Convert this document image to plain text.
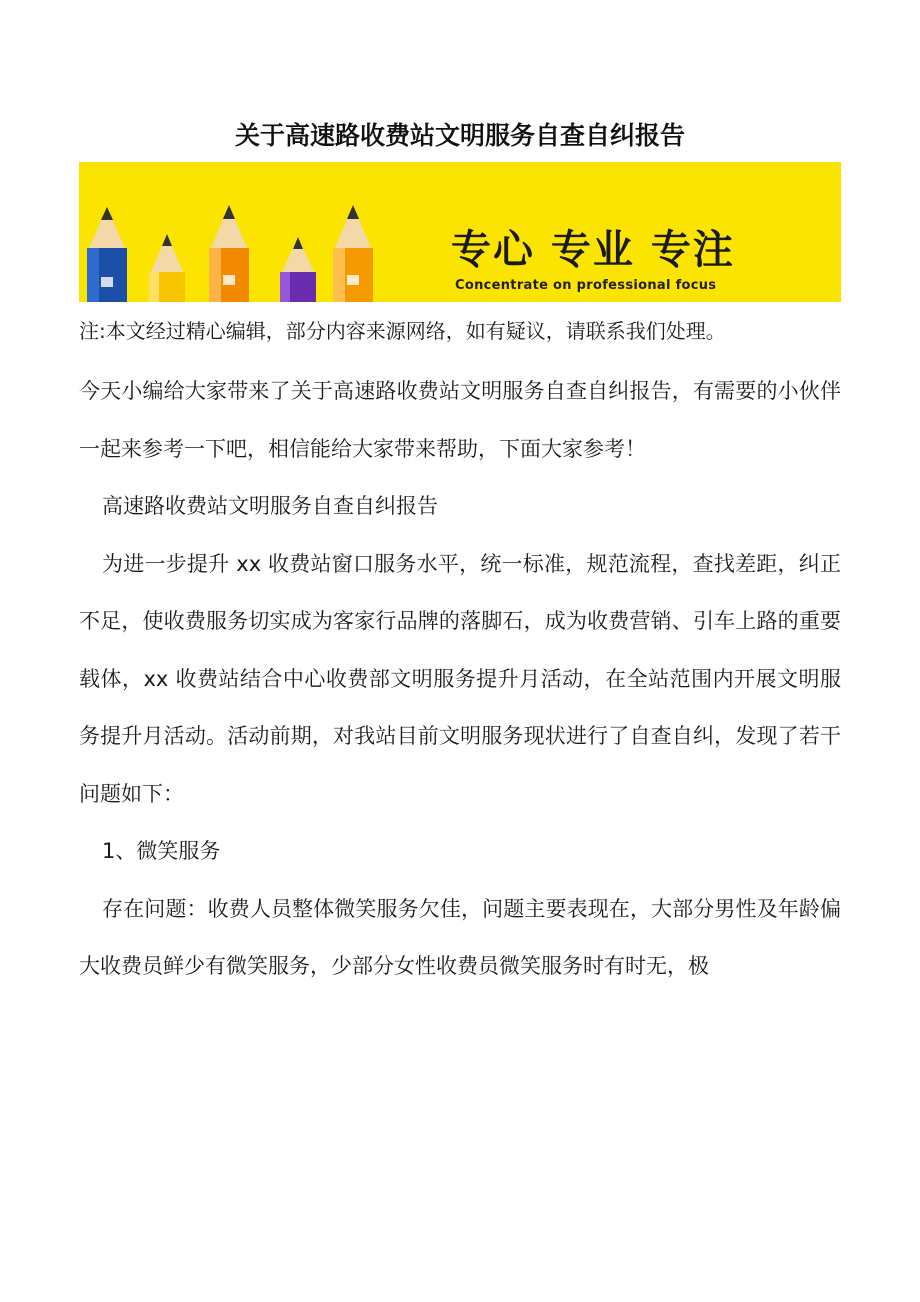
关于高速路收费站文明服务自查自纠报告
专心 专业 专注
Concentrate on professional focus
注:本文经过精心编辑，部分内容来源网络，如有疑议，请联系我们处理。

今天小编给大家带来了关于高速路收费站文明服务自查自纠报告，有需要的小伙伴一起来参考一下吧，相信能给大家带来帮助，下面大家参考！

高速路收费站文明服务自查自纠报告

为进一步提升 xx 收费站窗口服务水平，统一标准，规范流程，查找差距，纠正不足，使收费服务切实成为客家行品牌的落脚石，成为收费营销、引车上路的重要载体，xx 收费站结合中心收费部文明服务提升月活动，在全站范围内开展文明服务提升月活动。活动前期，对我站目前文明服务现状进行了自查自纠，发现了若干问题如下：

1、微笑服务

存在问题：收费人员整体微笑服务欠佳，问题主要表现在，大部分男性及年龄偏大收费员鲜少有微笑服务，少部分女性收费员微笑服务时有时无，极
